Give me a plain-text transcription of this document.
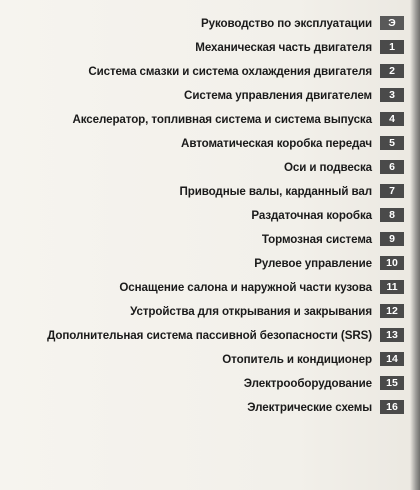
Руководство по эксплуатации	Э
Механическая часть двигателя	1
Система смазки и система охлаждения двигателя	2
Система управления двигателем	3
Акселератор, топливная система и система выпуска	4
Автоматическая коробка передач	5
Оси и подвеска	6
Приводные валы, карданный вал	7
Раздаточная коробка	8
Тормозная система	9
Рулевое управление	10
Оснащение салона и наружной части кузова	11
Устройства для открывания и закрывания	12
Дополнительная система пассивной безопасности (SRS)	13
Отопитель и кондиционер	14
Электрооборудование	15
Электрические схемы	16
